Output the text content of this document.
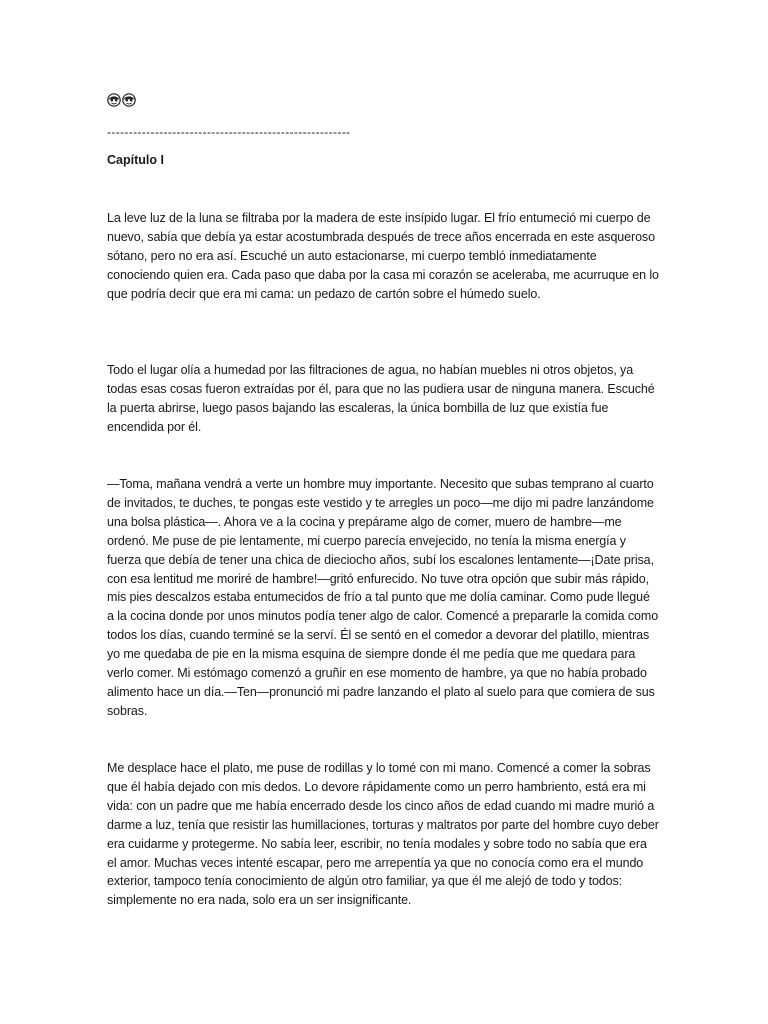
--------------------------------------------------------
Capítulo I

La leve luz de la luna se filtraba por la madera de este insípido lugar. El frío entumeció mi cuerpo de nuevo, sabía que debía ya estar acostumbrada después de trece años encerrada en este asqueroso sótano, pero no era así. Escuché un auto estacionarse, mi cuerpo tembló inmediatamente conociendo quien era. Cada paso que daba por la casa mi corazón se aceleraba, me acurruque en lo que podría decir que era mi cama: un pedazo de cartón sobre el húmedo suelo.

Todo el lugar olía a humedad por las filtraciones de agua, no habían muebles ni otros objetos, ya todas esas cosas fueron extraídas por él, para que no las pudiera usar de ninguna manera. Escuché la puerta abrirse, luego pasos bajando las escaleras, la única bombilla de luz que existía fue encendida por él.

—Toma, mañana vendrá a verte un hombre muy importante. Necesito que subas temprano al cuarto de invitados, te duches, te pongas este vestido y te arregles un poco—me dijo mi padre lanzándome una bolsa plástica—. Ahora ve a la cocina y prepárame algo de comer, muero de hambre—me ordenó. Me puse de pie lentamente, mi cuerpo parecía envejecido, no tenía la misma energía y fuerza que debía de tener una chica de dieciocho años, subí los escalones lentamente—¡Date prisa, con esa lentitud me moriré de hambre!—gritó enfurecido. No tuve otra opción que subir más rápido, mis pies descalzos estaba entumecidos de frío a tal punto que me dolía caminar. Como pude llegué a la cocina donde por unos minutos podía tener algo de calor. Comencé a prepararle la comida como todos los días, cuando terminé se la serví. Él se sentó en el comedor a devorar del platillo, mientras yo me quedaba de pie en la misma esquina de siempre donde él me pedía que me quedara para verlo comer. Mi estómago comenzó a gruñir en ese momento de hambre, ya que no había probado alimento hace un día.—Ten—pronunció mi padre lanzando el plato al suelo para que comiera de sus sobras.

Me desplace hace el plato, me puse de rodillas y lo tomé con mi mano. Comencé a comer la sobras que él había dejado con mis dedos. Lo devore rápidamente como un perro hambriento, está era mi vida: con un padre que me había encerrado desde los cinco años de edad cuando mi madre murió a darme a luz, tenía que resistir las humillaciones, torturas y maltratos por parte del hombre cuyo deber era cuidarme y protegerme. No sabía leer, escribir, no tenía modales y sobre todo no sabía que era el amor. Muchas veces intenté escapar, pero me arrepentía ya que no conocía como era el mundo exterior, tampoco tenía conocimiento de algún otro familiar, ya que él me alejó de todo y todos: simplemente no era nada, solo era un ser insignificante.
